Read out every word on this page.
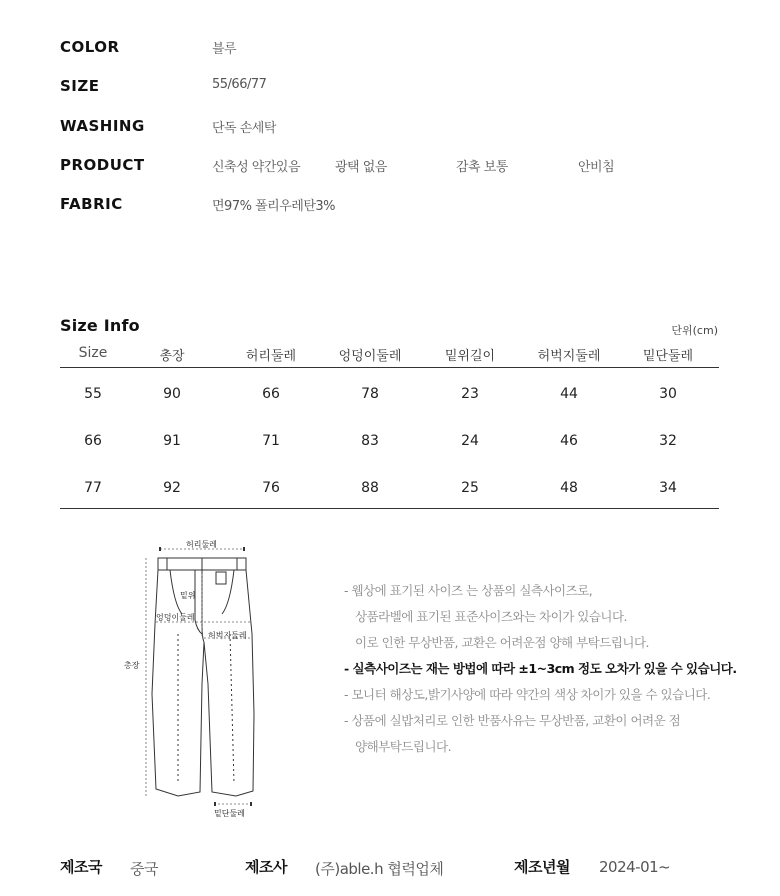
COLOR	블루
SIZE	55/66/77
WASHING	단독 손세탁
PRODUCT	신축성 약간있음	광택 없음	감촉 보통	안비침
FABRIC	면97% 폴리우레탄3%
Size Info	단위(cm)
Size	총장	허리둘레	엉덩이둘레	밑위길이	허벅지둘레	밑단둘레
55	90	66	78	23	44	30
66	91	71	83	24	46	32
77	92	76	88	25	48	34
허리둘레
밑위
엉덩이둘레
허벅지둘레
총장
밑단둘레
- 웹상에 표기된 사이즈 는 상품의 실측사이즈로,
상품라벨에 표기된 표준사이즈와는 차이가 있습니다.
이로 인한 무상반품, 교환은 어려운점 양해 부탁드립니다.
- 실측사이즈는 재는 방법에 따라 ±1~3cm 정도 오차가 있을 수 있습니다.
- 모니터 해상도,밝기사양에 따라 약간의 색상 차이가 있을 수 있습니다.
- 상품에 실밥처리로 인한 반품사유는 무상반품, 교환이 어려운 점
양해부탁드립니다.
제조국 중국	제조사 (주)able.h 협력업체	제조년월 2024-01~
